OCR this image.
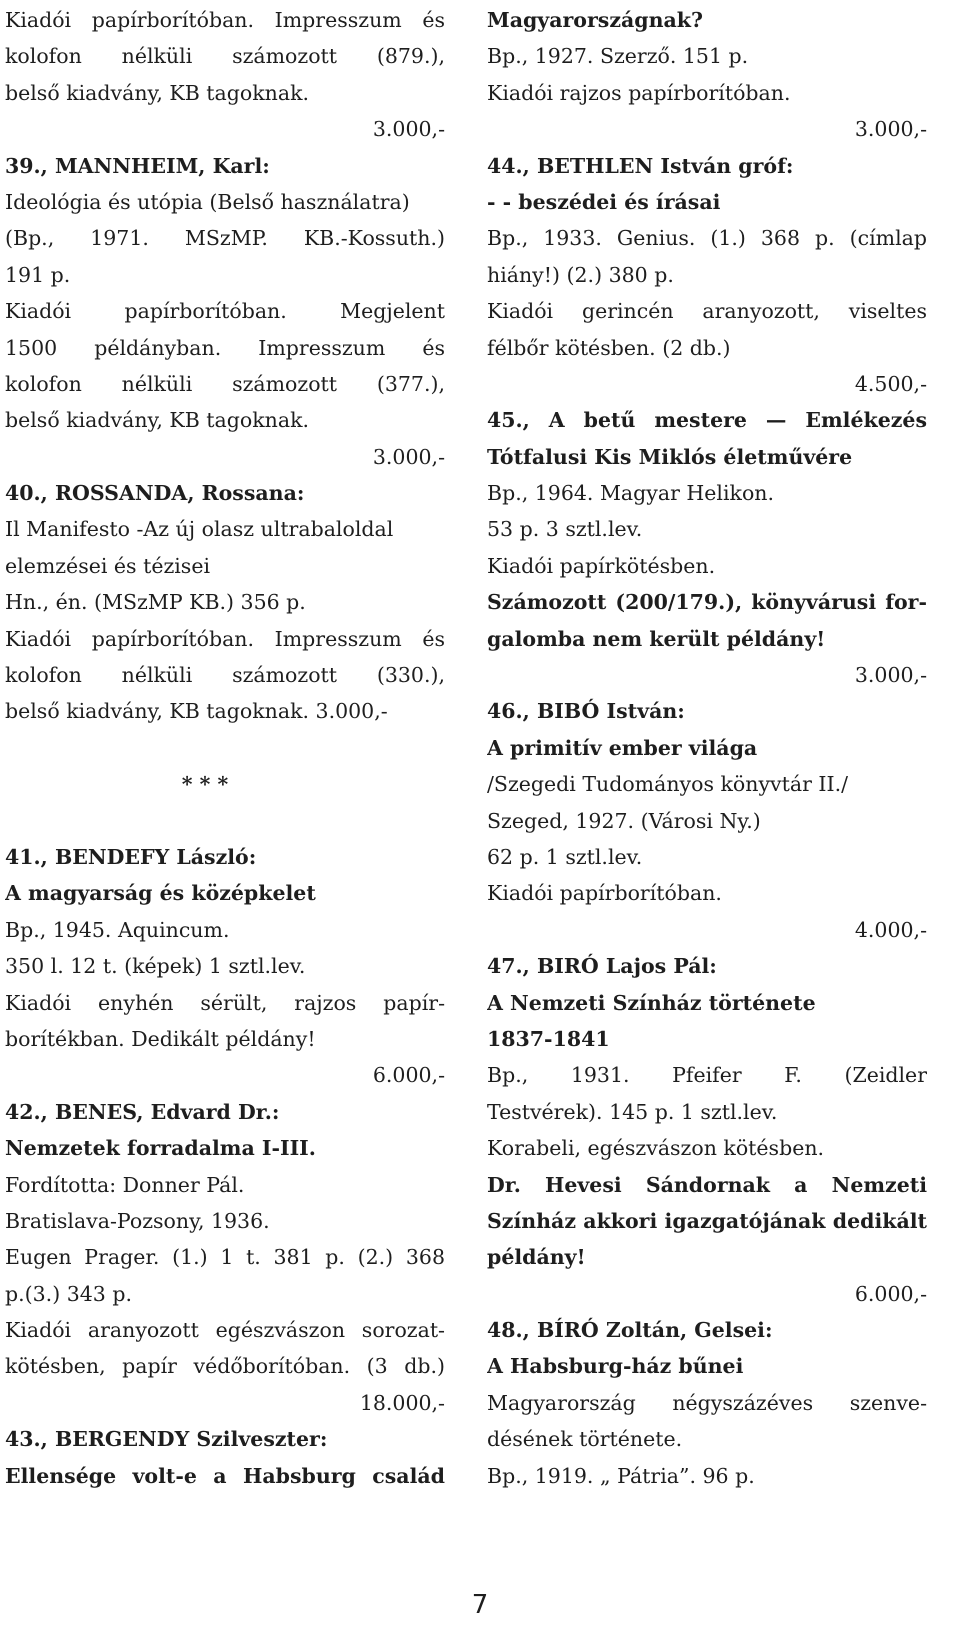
Kiadói papírborítóban. Impresszum és
kolofon nélküli számozott (879.),
belső kiadvány, KB tagoknak.
3.000,-
39., MANNHEIM, Karl:
Ideológia és utópia (Belső használatra)
(Bp., 1971. MSzMP. KB.-Kossuth.)
191 p.
Kiadói papírborítóban. Megjelent
1500 példányban. Impresszum és
kolofon nélküli számozott (377.),
belső kiadvány, KB tagoknak.
3.000,-
40., ROSSANDA, Rossana:
Il Manifesto -Az új olasz ultrabaloldal
elemzései és tézisei
Hn., én. (MSzMP KB.) 356 p.
Kiadói papírborítóban. Impresszum és
kolofon nélküli számozott (330.),
belső kiadvány, KB tagoknak. 3.000,-
* * *
41., BENDEFY László:
A magyarság és középkelet
Bp., 1945. Aquincum.
350 l. 12 t. (képek) 1 sztl.lev.
Kiadói enyhén sérült, rajzos papír-
borítékban. Dedikált példány!
6.000,-
42., BENES, Edvard Dr.:
Nemzetek forradalma I-III.
Fordította: Donner Pál.
Bratislava-Pozsony, 1936.
Eugen Prager. (1.) 1 t. 381 p. (2.) 368
p.(3.) 343 p.
Kiadói aranyozott egészvászon sorozat-
kötésben, papír védőborítóban. (3 db.)
18.000,-
43., BERGENDY Szilveszter:
Ellensége volt-e a Habsburg család
Magyarországnak?
Bp., 1927. Szerző. 151 p.
Kiadói rajzos papírborítóban.
3.000,-
44., BETHLEN István gróf:
- - beszédei és írásai
Bp., 1933. Genius. (1.) 368 p. (címlap
hiány!) (2.) 380 p.
Kiadói gerincén aranyozott, viseltes
félbőr kötésben. (2 db.)
4.500,-
45., A betű mestere — Emlékezés
Tótfalusi Kis Miklós életművére
Bp., 1964. Magyar Helikon.
53 p. 3 sztl.lev.
Kiadói papírkötésben.
Számozott (200/179.), könyvárusi for-
galomba nem került példány!
3.000,-
46., BIBÓ István:
A primitív ember világa
/Szegedi Tudományos könyvtár II./
Szeged, 1927. (Városi Ny.)
62 p. 1 sztl.lev.
Kiadói papírborítóban.
4.000,-
47., BIRÓ Lajos Pál:
A Nemzeti Színház története
1837-1841
Bp., 1931. Pfeifer F. (Zeidler
Testvérek). 145 p. 1 sztl.lev.
Korabeli, egészvászon kötésben.
Dr. Hevesi Sándornak a Nemzeti
Színház akkori igazgatójának dedikált
példány!
6.000,-
48., BÍRÓ Zoltán, Gelsei:
A Habsburg-ház bűnei
Magyarország négyszázéves szenve-
désének története.
Bp., 1919. „ Pátria”. 96 p.
7
